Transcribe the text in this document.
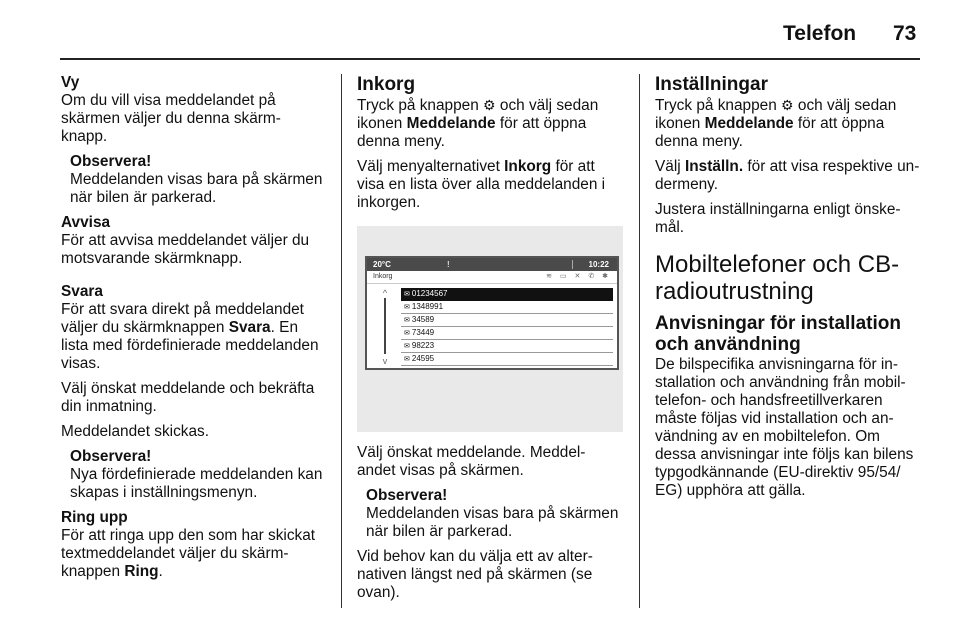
Telefon 73
Vy

Om du vill visa meddelandet på skärmen väljer du denna skärm-knapp.

Observera!
Meddelanden visas bara på skärmen när bilen är parkerad.
Avvisa

För att avvisa meddelandet väljer du motsvarande skärmknapp.

Svara

För att svara direkt på meddelandet väljer du skärmknappen Svara. En lista med fördefinierade meddelanden visas.

Välj önskat meddelande och bekräfta din inmatning.

Meddelandet skickas.

Observera!
Nya fördefinierade meddelanden kan skapas i inställningsmenyn.
Ring upp

För att ringa upp den som har skickat textmeddelandet väljer du skärm-knappen Ring.

Inkorg

Tryck på knappen ⚙ och välj sedan ikonen Meddelande för att öppna denna meny.

Välj menyalternativet Inkorg för att visa en lista över alla meddelanden i inkorgen.

20°C	!	10:22
Inkorg	≋ ▭ ✕ ✆ ✱
^
v
✉ 01234567
✉ 1348991
✉ 34589
✉ 73449
✉ 98223
✉ 24595

Välj önskat meddelande. Meddel-andet visas på skärmen.

Observera!
Meddelanden visas bara på skärmen när bilen är parkerad.

Vid behov kan du välja ett av alter-nativen längst ned på skärmen (se ovan).

Inställningar

Tryck på knappen ⚙ och välj sedan ikonen Meddelande för att öppna denna meny.

Välj Inställn. för att visa respektive un-dermeny.

Justera inställningarna enligt önske-mål.

Mobiltelefoner och CB-radioutrustning
Anvisningar för installation och användning

De bilspecifika anvisningarna för in-stallation och användning från mobil-telefon- och handsfreetillverkaren måste följas vid installation och an-vändning av en mobiltelefon. Om dessa anvisningar inte följs kan bilens typgodkännande (EU-direktiv 95/54/ EG) upphöra att gälla.
